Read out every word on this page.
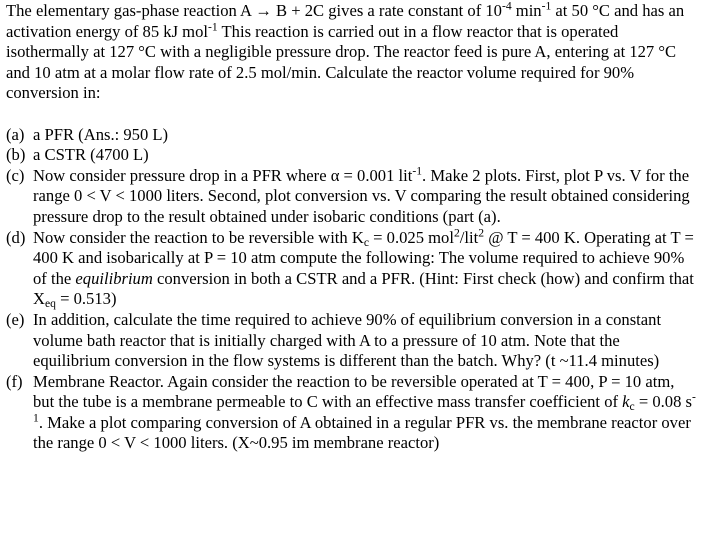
The elementary gas-phase reaction A → B + 2C gives a rate constant of $10^{-4}$ $\min^{-1}$ at 50 °C and has an activation energy of 85 kJ mol$^{-1}$ This reaction is carried out in a flow reactor that is operated isothermally at 127 °C with a negligible pressure drop. The reactor feed is pure A, entering at 127 °C and 10 atm at a molar flow rate of 2.5 mol/min. Calculate the reactor volume required for 90% conversion in:

(a) a PFR (Ans.: 950 L)
(b) a CSTR (4700 L)
(c) Now consider pressure drop in a PFR where α = 0.001 lit$^{-1}$. Make 2 plots. First, plot P vs. V for the range 0 < V < 1000 liters. Second, plot conversion vs. V comparing the result obtained considering pressure drop to the result obtained under isobaric conditions (part (a).
(d) Now consider the reaction to be reversible with $K_c = 0.025$ mol$^2$/lit$^2$ @ T = 400 K. Operating at T = 400 K and isobarically at P = 10 atm compute the following: The volume required to achieve 90% of the equilibrium conversion in both a CSTR and a PFR. (Hint: First check (how) and confirm that $X_{eq} = 0.513$)
(e) In addition, calculate the time required to achieve 90% of equilibrium conversion in a constant volume bath reactor that is initially charged with A to a pressure of 10 atm. Note that the equilibrium conversion in the flow systems is different than the batch. Why? (t ~11.4 minutes)
(f) Membrane Reactor. Again consider the reaction to be reversible operated at T = 400, P = 10 atm, but the tube is a membrane permeable to C with an effective mass transfer coefficient of $k_c = 0.08$ $s^{-1}$. Make a plot comparing conversion of A obtained in a regular PFR vs. the membrane reactor over the range 0 < V < 1000 liters. (X~0.95 im membrane reactor)
